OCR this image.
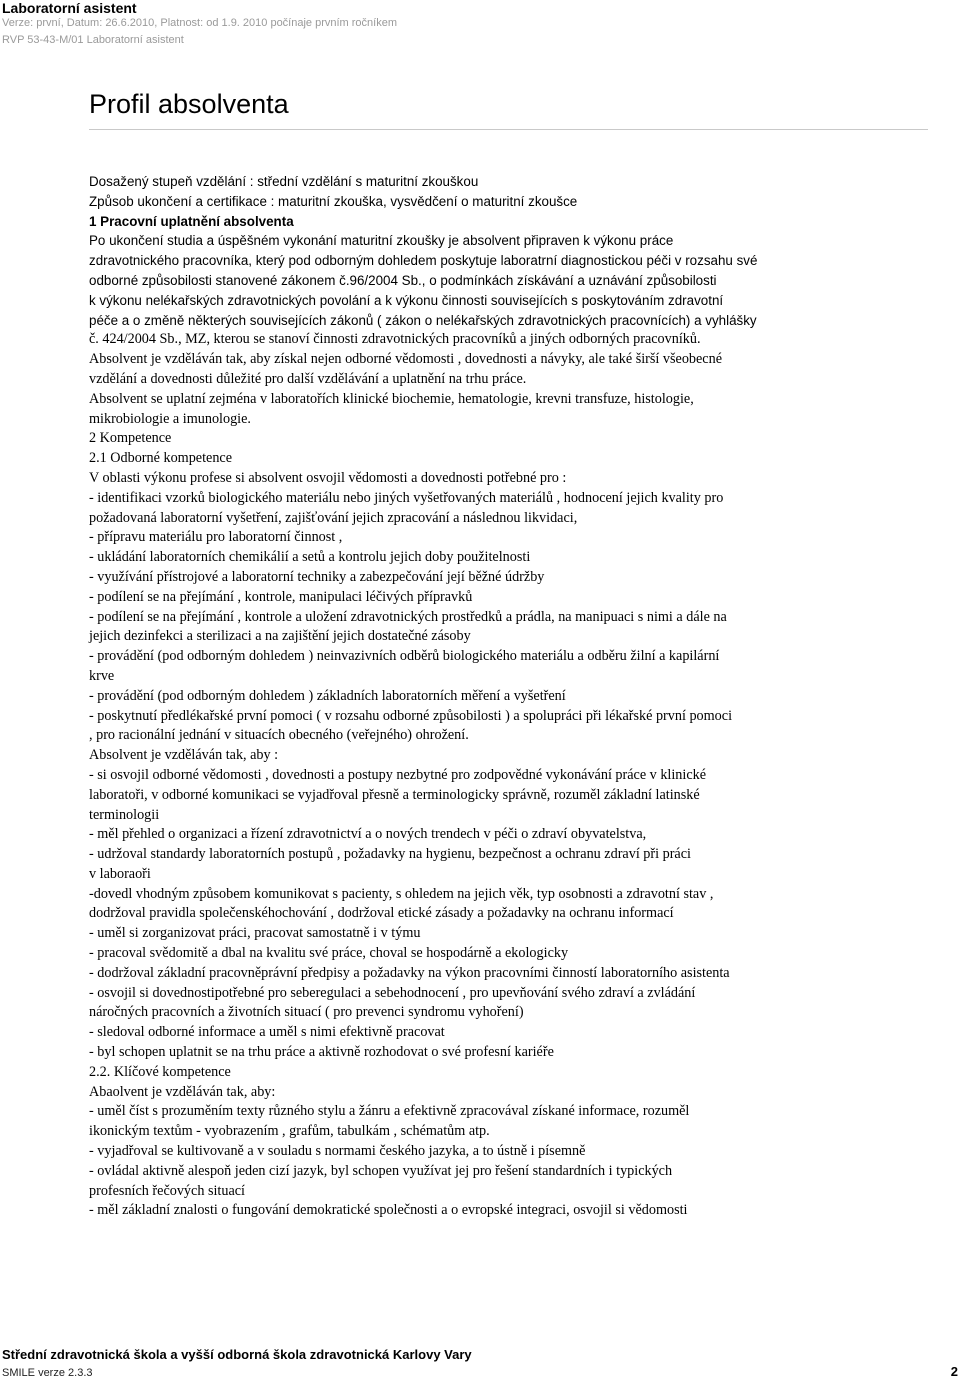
Laboratorní asistent
Verze: první, Datum: 26.6.2010, Platnost: od 1.9. 2010 počínaje prvním ročníkem
RVP 53-43-M/01 Laboratorní asistent
Profil absolventa
Dosažený stupeň vzdělání : střední vzdělání s maturitní zkouškou
Způsob ukončení a certifikace : maturitní zkouška, vysvědčení o maturitní zkoušce
1 Pracovní uplatnění absolventa
Po ukončení studia a úspěšném vykonání maturitní zkoušky je absolvent připraven k výkonu práce
zdravotnického pracovníka, který pod odborným dohledem poskytuje laboratrní diagnostickou péči v rozsahu své
odborné způsobilosti stanovené zákonem č.96/2004 Sb., o podmínkách získávání a uznávání způsobilosti
k výkonu nelékařských zdravotnických povolání a k výkonu činnosti souvisejících s poskytováním zdravotní
péče a o změně některých souvisejících zákonů ( zákon o nelékařských zdravotnických pracovnících) a vyhlášky
č. 424/2004 Sb., MZ, kterou se stanoví činnosti zdravotnických pracovníků a jiných odborných pracovníků.
Absolvent je vzděláván tak, aby získal nejen odborné vědomosti , dovednosti a návyky, ale také širší všeobecné
vzdělání a dovednosti důležité pro další vzdělávání a uplatnění na trhu práce.
Absolvent se uplatní zejména v laboratořích klinické biochemie, hematologie, krevni transfuze, histologie,
mikrobiologie a imunologie.
2 Kompetence
2.1 Odborné kompetence
V oblasti výkonu profese si absolvent osvojil vědomosti a dovednosti potřebné pro :
- identifikaci vzorků biologického materiálu nebo jiných vyšetřovaných materiálů , hodnocení jejich kvality pro
požadovaná laboratorní vyšetření, zajišťování jejich zpracování a následnou likvidaci,
- přípravu materiálu pro laboratorní činnost ,
- ukládání laboratorních chemikálií a setů a kontrolu jejich doby použitelnosti
- využívání přístrojové a laboratorní techniky a zabezpečování její běžné údržby
- podílení se na přejímání , kontrole, manipulaci léčivých přípravků
- podílení se na přejímání , kontrole a uložení zdravotnických prostředků a prádla, na manipuaci s nimi a dále na
jejich dezinfekci a sterilizaci a na zajištění jejich dostatečné zásoby
- provádění (pod odborným dohledem ) neinvazivních odběrů biologického materiálu a odběru žilní a kapilární
krve
- provádění (pod odborným dohledem ) základních laboratorních měření a vyšetření
- poskytnutí předlékařské první pomoci ( v rozsahu odborné způsobilosti ) a spolupráci při lékařské první pomoci
, pro racionální jednání v situacích obecného (veřejného) ohrožení.
Absolvent je vzděláván tak, aby :
- si osvojil odborné vědomosti , dovednosti a postupy nezbytné pro zodpovědné vykonávání práce v klinické
laboratoři, v odborné komunikaci se vyjadřoval přesně a terminologicky správně, rozuměl základní latinské
terminologii
- měl přehled o organizaci a řízení zdravotnictví a o nových trendech v péči o zdraví obyvatelstva,
- udržoval standardy laboratorních postupů , požadavky na hygienu, bezpečnost a ochranu zdraví při práci
v laboraoři
-dovedl vhodným způsobem komunikovat s pacienty, s ohledem na jejich věk, typ osobnosti a zdravotní stav ,
dodržoval pravidla společenskéhochování , dodržoval etické zásady a požadavky na ochranu informací
- uměl si zorganizovat práci, pracovat samostatně i v týmu
- pracoval svědomitě a dbal na kvalitu své práce, choval se hospodárně a ekologicky
- dodržoval základní pracovněprávní předpisy a požadavky na výkon pracovními činností laboratorního asistenta
- osvojil si dovednostipotřebné pro seberegulaci a sebehodnocení , pro upevňování svého zdraví a zvládání
náročných pracovních a životních situací ( pro prevenci syndromu vyhoření)
- sledoval odborné informace a uměl s nimi efektivně pracovat
- byl schopen uplatnit se na trhu práce a aktivně rozhodovat o své profesní kariéře
2.2. Klíčové kompetence
Abaolvent je vzděláván tak, aby:
- uměl číst s prozuměním texty různého stylu a žánru a efektivně zpracovával získané informace, rozuměl
ikonickým textům - vyobrazením , grafům, tabulkám , schématům atp.
- vyjadřoval se kultivovaně a v souladu s normami českého jazyka, a to ústně i písemně
- ovládal aktivně alespoň jeden cizí jazyk, byl schopen využívat jej pro řešení standardních i typických
profesních řečových situací
- měl základní znalosti o fungování demokratické společnosti a o evropské integraci, osvojil si vědomosti
Střední zdravotnická škola a vyšší odborná škola zdravotnická Karlovy Vary
SMILE verze 2.3.3	2
